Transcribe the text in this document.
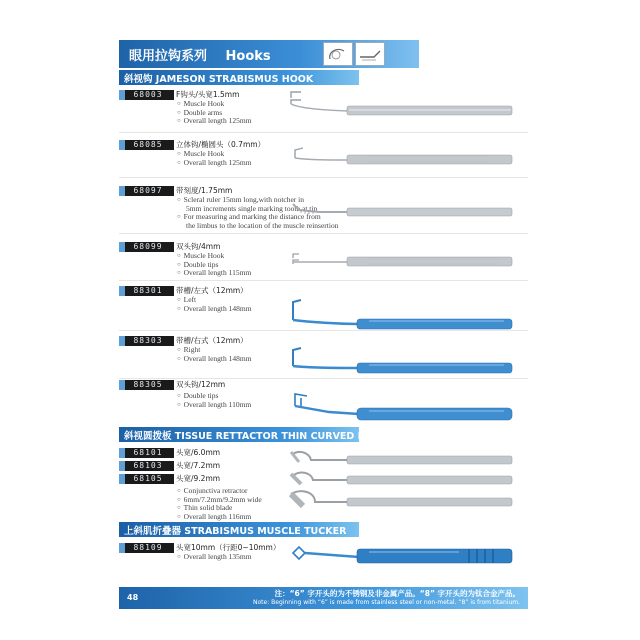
眼用拉钩系列 Hooks
斜视钩 JAMESON STRABISMUS HOOK
斜视圆拨板 TISSUE RETTACTOR THIN CURVED BLADE
上斜肌折叠器 STRABISMUS MUSCLE TUCKER
68003	F钩头/头宽1.5mm
○ Muscle Hook
○ Double arms
○ Overall length 125mm
68085	立体钩/椭圆头（0.7mm）
○ Muscle Hook
○ Overall length 125mm
68097	带刻度/1.75mm
○ Scleral ruler 15mm long,with notcher in
5mm increments single marking tooth at tip
○ For measuring and marking the distance from
the limbus to the location of the muscle reinsertion
68099	双头钩/4mm
○ Muscle Hook
○ Double tips
○ Overall length 115mm
88301	带槽/左式（12mm）
○ Left
○ Overall length 148mm
88303	带槽/右式（12mm）
○ Right
○ Overall length 148mm
88305	双头钩/12mm
○ Double tips
○ Overall length 110mm
68101	头宽/6.0mm
68103	头宽/7.2mm
68105	头宽/9.2mm
○ Conjunctiva retractor
○ 6mm/7.2mm/9.2mm wide
○ Thin solid blade
○ Overall length 116mm
88109	头宽10mm（行距0~10mm）
○ Overall length 135mm
48	注：“6” 字开头的为不锈钢及非金属产品。“8” 字开头的为钛合金产品。
Note: Beginning with “6” is made from stainless steel or non-metal. “8” is from titanium.
